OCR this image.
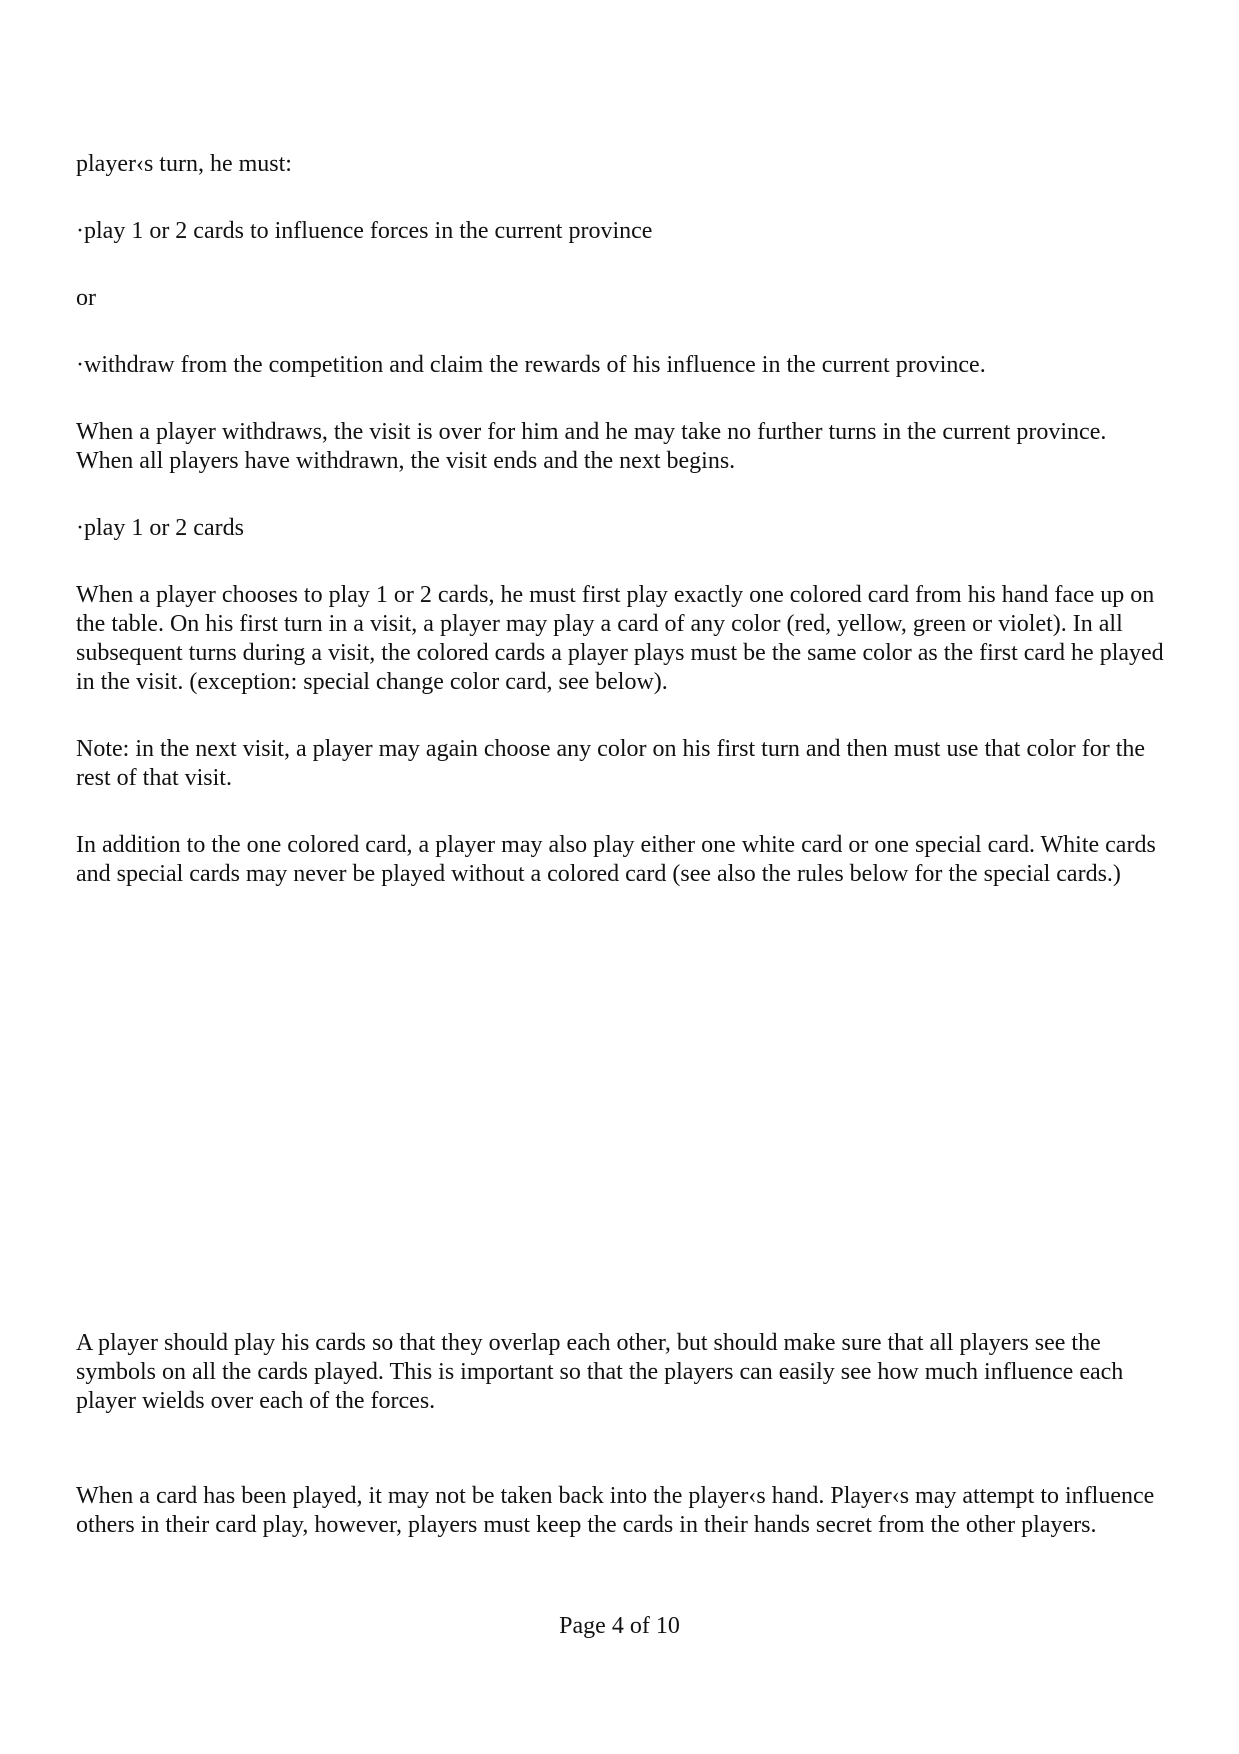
player‹s turn, he must:

·play 1 or 2 cards to influence forces in the current province

or

·withdraw from the competition and claim the rewards of his influence in the current province.

When a player withdraws, the visit is over for him and he may take no further turns in the current province. When all players have withdrawn, the visit ends and the next begins.

·play 1 or 2 cards

When a player chooses to play 1 or 2 cards, he must first play exactly one colored card from his hand face up on the table. On his first turn in a visit, a player may play a card of any color (red, yellow, green or violet). In all subsequent turns during a visit, the colored cards a player plays must be the same color as the first card he played in the visit. (exception: special change color card, see below).

Note: in the next visit, a player may again choose any color on his first turn and then must use that color for the rest of that visit.

In addition to the one colored card, a player may also play either one white card or one special card. White cards and special cards may never be played without a colored card (see also the rules below for the special cards.)

A player should play his cards so that they overlap each other, but should make sure that all players see the symbols on all the cards played. This is important so that the players can easily see how much influence each player wields over each of the forces.

When a card has been played, it may not be taken back into the player‹s hand. Player‹s may attempt to influence others in their card play, however, players must keep the cards in their hands secret from the other players.

Page 4 of 10
